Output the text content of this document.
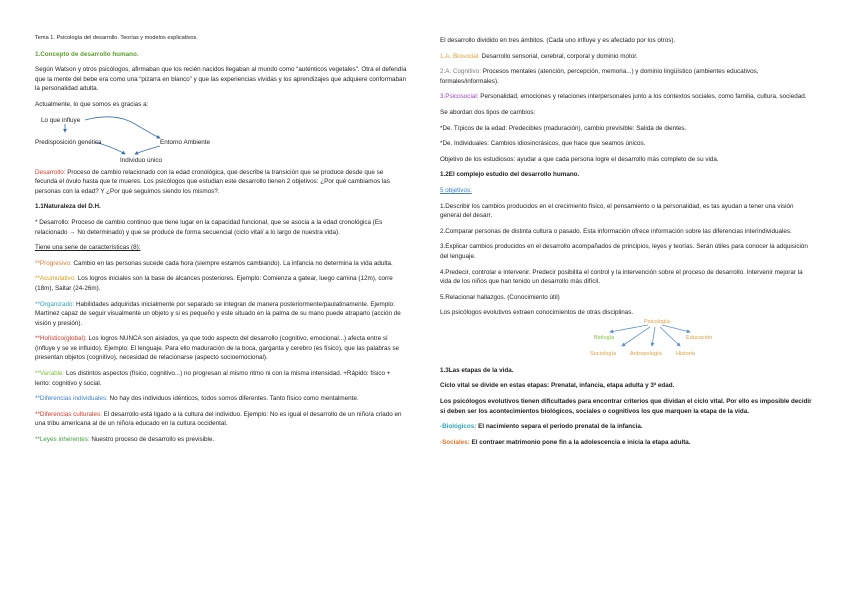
Tema 1. Psicología del desarrollo. Teorías y modelos explicativos.

1.Concepto de desarrollo humano.

Según Watson y otros psicólogos, afirmaban que los recién nacidos llegaban al mundo como “auténticos vegetales”. Otra el defendía que la mente del bebe era como una “pizarra en blanco” y que las experiencias vividas y los aprendizajes que adquiere conformaban la personalidad adulta.

Actualmente, lo que somos es gracias a:

Lo que influye
Predisposición genética	Entorno Ambiente
Individuo único

Desarrollo: Proceso de cambio relacionado con la edad cronológica, que describe la transición que se produce desde que se fecunda el óvulo hasta que te mueres. Los psicólogos que estudian este desarrollo tienen 2 objetivos: ¿Por qué cambiamos las personas con la edad? Y ¿Por qué seguimos siendo los mismos?.

1.1Naturaleza del D.H.

* Desarrollo: Proceso de cambio continúo que tiene lugar en la capacidad funcional, que se asocia a la edad cronológica (Es relacionado → No determinado) y que se produce de forma secuencial (ciclo vital/ a lo largo de nuestra vida).

Tiene una serie de características (8):

**Progresivo: Cambio en las personas sucede cada hora (siempre estamos cambiando). La infancia no determina la vida adulta.

**Acumulativo: Los logros iniciales son la base de alcances posteriores. Ejemplo: Comienza a gatear, luego camina (12m), corre (18m), Saltar (24-26m).

**Organizado: Habilidades adquiridas inicialmente por separado se integran de manera posteriormente/paulatinamente. Ejemplo: Martínez capaz de seguir visualmente un objeto y si es pequeño y este situado en la palma de su mano puede atraparlo (acción de visión y presión).

**Holístico(global): Los logros NUNCA son aislados, ya que todo aspecto del desarrollo (cognitivo, emocional...) afecta entre sí (influye y se ve influido). Ejemplo: El lenguaje. Para ello maduración de la boca, garganta y cerebro (es físico), que las palabras se presentan objetos (cognitivo), necesidad de relacionarse (aspecto socioemocional).

**Variable: Los distintos aspectos (físico, cognitivo...) no progresan al mismo ritmo ni con la misma intensidad. +Rápido: físico + lento: cognitivo y social.

**Diferencias individuales: No hay dos individuos idénticos, todos somos diferentes. Tanto físico como mentalmente.

**Diferencias culturales: El desarrollo está ligado a la cultura del individuo. Ejemplo: No es igual el desarrollo de un niño/a criado en una tribu americana al de un niño/a educado en la cultura occidental.

**Leyes inherentes: Nuestro proceso de desarrollo es previsible.

El desarrollo dividido en tres ámbitos. (Cada uno influye y es afectado por los otros).

1.A. Biosocial: Desarrollo sensorial, cerebral, corporal y dominio motor.

2.A. Cognitivo: Procesos mentales (atención, percepción, memoria...) y dominio lingüístico (ambientes educativos, formales/informales).

3.Psicosocial: Personalidad, emociones y relaciones interpersonales junto a los contextos sociales, como familia, cultura, sociedad.

Se abordan dos tipos de cambios:

*De. Típicos de la edad: Predecibles (maduración), cambio previsible: Salida de dientes.

*De. Individuales: Cambios idiosincrásicos, que hace que seamos únicos.

Objetivo de los estudiosos: ayudar a que cada persona logre el desarrollo más completo de su vida.

1.2El complejo estudio del desarrollo humano.

5 objetivos:

1.Describir los cambios producidos en el crecimiento físico, el pensamiento o la personalidad, es tas ayudan a tener una visión general del desarr.

2.Comparar personas de distinta cultura o pasado. Esta información ofrece información sobre las diferencias interindividuales.

3.Explicar cambios producidos en el desarrollo acompañados de principios, leyes y teorías. Serán útiles para conocer la adquisición del lenguaje.

4.Predecir, controlar e intervenir. Predecir posibilita el control y la intervención sobre el proceso de desarrollo. Intervenir mejorar la vida de los niños que han tenido un desarrollo más difícil.

5.Relacionar hallazgos. (Conocimiento útil)

Los psicólogos evolutivos extraen conocimientos de otras disciplinas.

Psicología
Biología	Educación
Sociología Antropología	Historia

1.3Las etapas de la vida.

Ciclo vital se divide en estas etapas: Prenatal, infancia, etapa adulta y 3ª edad.

Los psicólogos evolutivos tienen dificultades para encontrar criterios que dividan el ciclo vital. Por ello es imposible decidir si deben ser los acontecimientos biológicos, sociales o cognitivos los que marquen la etapa de la vida.

-Biológicos: El nacimiento separa el periodo prenatal de la infancia.

-Sociales: El contraer matrimonio pone fin a la adolescencia e inicia la etapa adulta.
